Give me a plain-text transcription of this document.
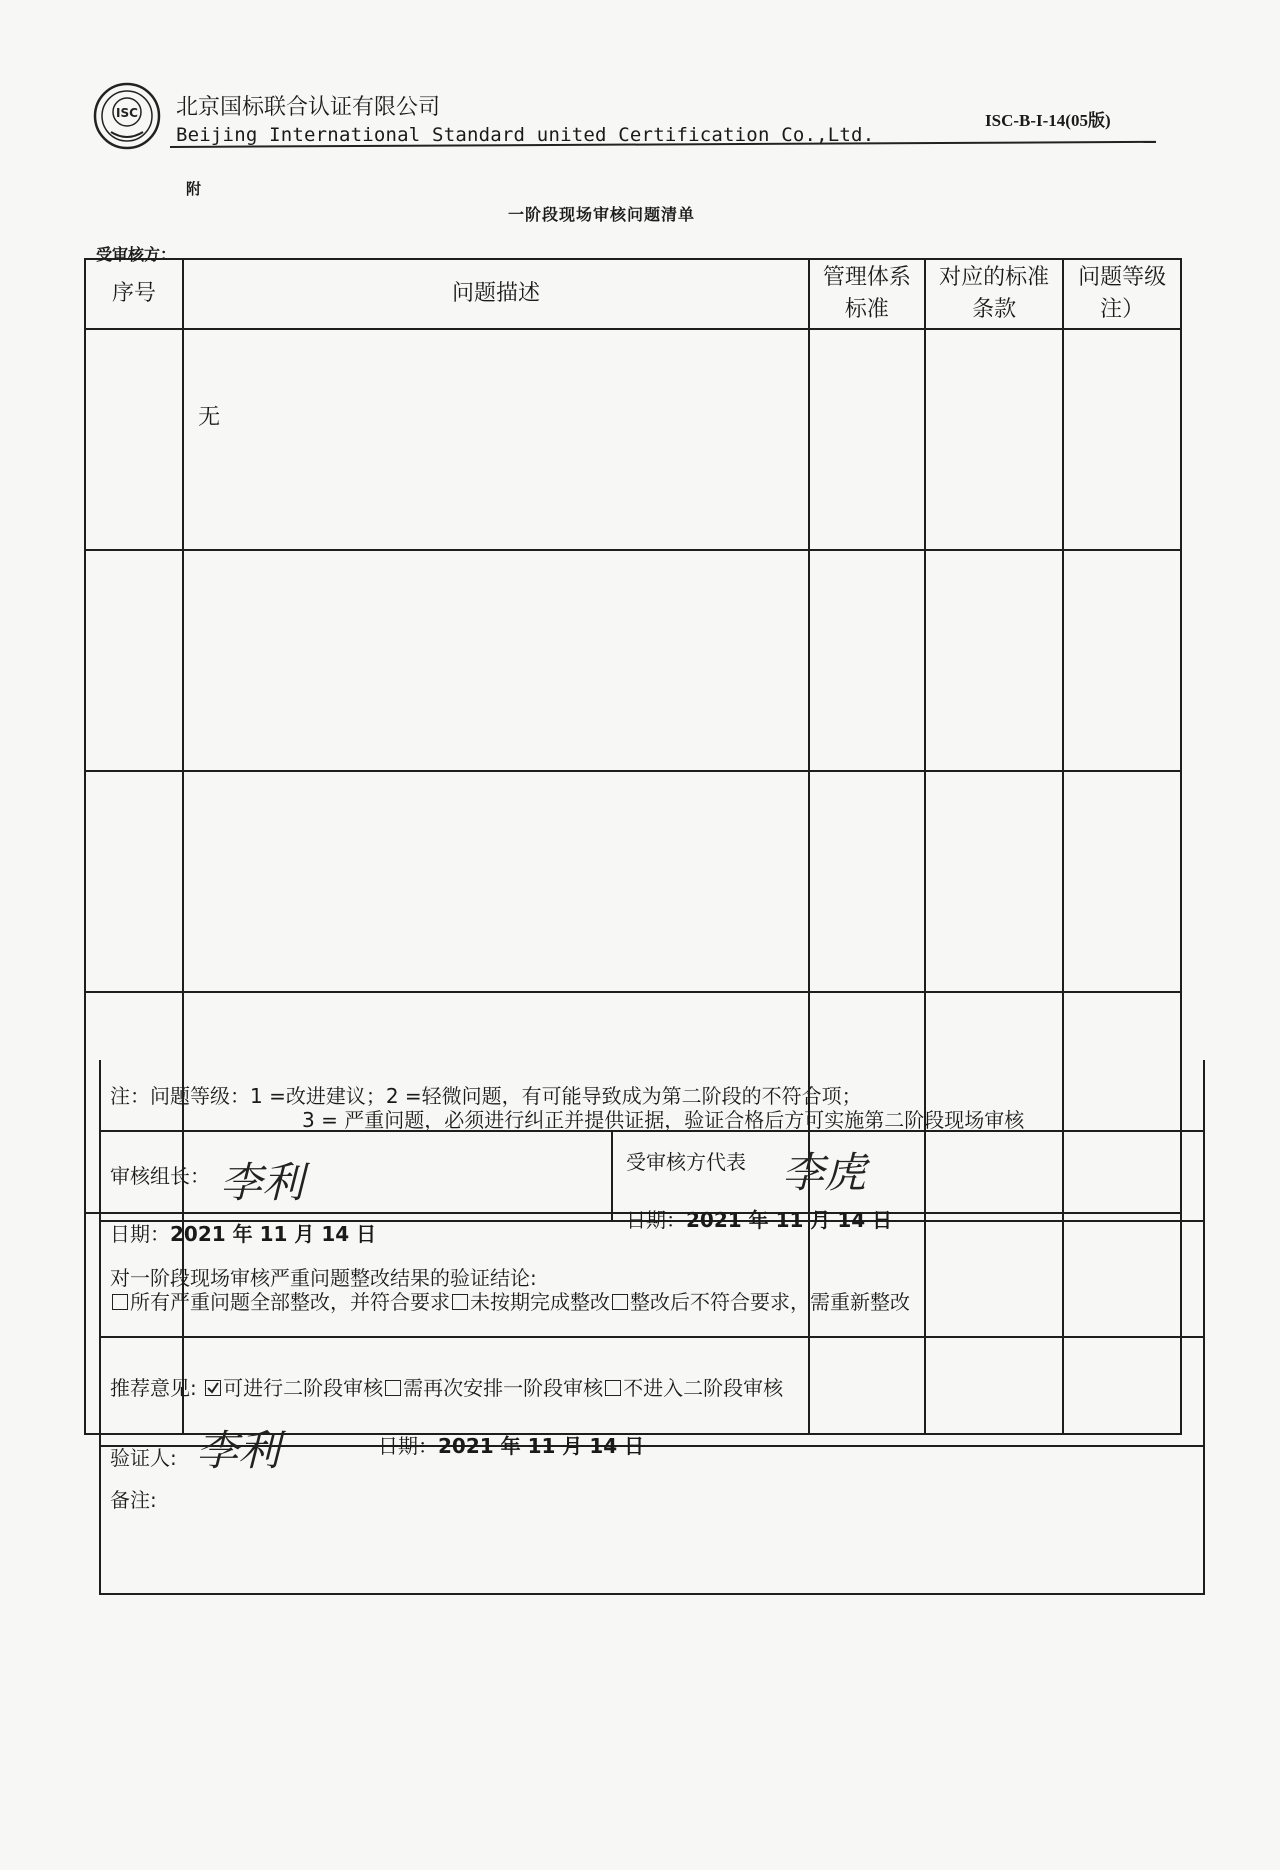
ISC 北京国标联合认证有限公司
Beijing International Standard united Certification Co.,Ltd.
ISC-B-I-14(05版)
附
一阶段现场审核问题清单
受审核方：
序号	问题描述	管理体系标准	对应的标准条款	问题等级注）
	无			

注：问题等级：1 =改进建议；2 =轻微问题，有可能导致成为第二阶段的不符合项；
3 = 严重问题，必须进行纠正并提供证据，验证合格后方可实施第二阶段现场审核
审核组长： 李利
日期：2021 年 11 月 14 日
受审核方代表 李虎
日期：2021 年 11 月 14 日
对一阶段现场审核严重问题整改结果的验证结论:
所有严重问题全部整改，并符合要求 未按期完成整改 整改后不符合要求，需重新整改
推荐意见: 可进行二阶段审核 需再次安排一阶段审核 不进入二阶段审核
验证人: 李利	日期：2021 年 11 月 14 日
备注:
